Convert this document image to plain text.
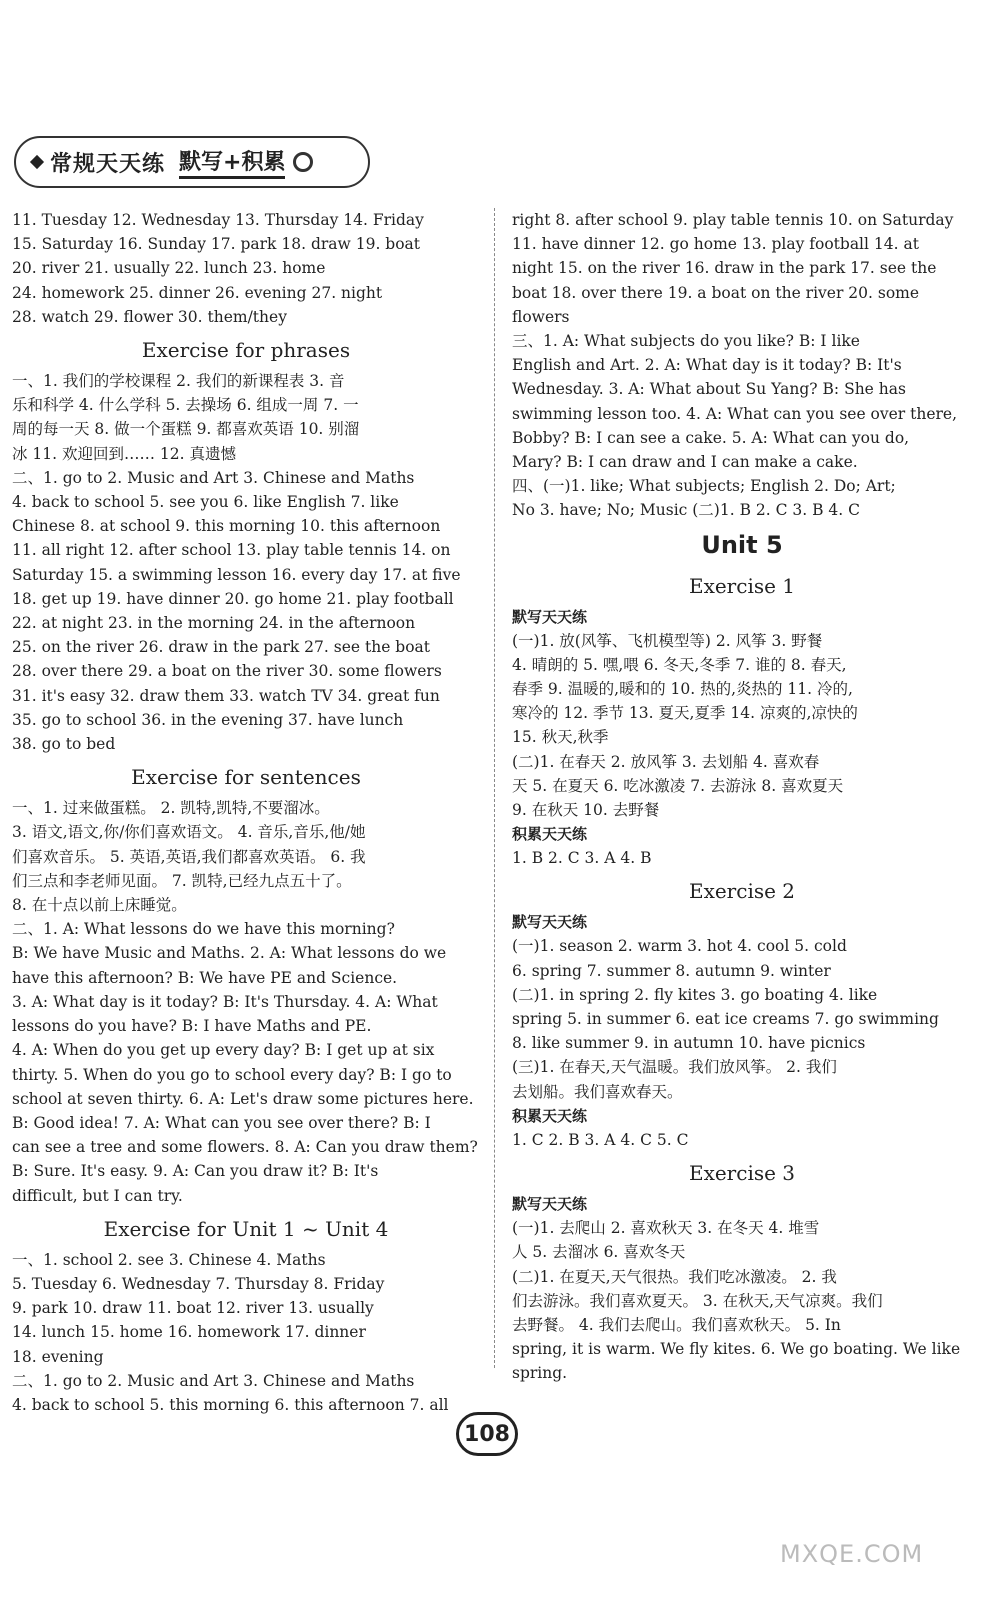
常规天天练 默写+积累
11. Tuesday 12. Wednesday 13. Thursday 14. Friday
15. Saturday 16. Sunday 17. park 18. draw 19. boat
20. river 21. usually 22. lunch 23. home
24. homework 25. dinner 26. evening 27. night
28. watch 29. flower 30. them/they
Exercise for phrases
一、1. 我们的学校课程 2. 我们的新课程表 3. 音
乐和科学 4. 什么学科 5. 去操场 6. 组成一周 7. 一
周的每一天 8. 做一个蛋糕 9. 都喜欢英语 10. 别溜
冰 11. 欢迎回到…… 12. 真遗憾
二、1. go to 2. Music and Art 3. Chinese and Maths
4. back to school 5. see you 6. like English 7. like
Chinese 8. at school 9. this morning 10. this afternoon
11. all right 12. after school 13. play table tennis 14. on
Saturday 15. a swimming lesson 16. every day 17. at five
18. get up 19. have dinner 20. go home 21. play football
22. at night 23. in the morning 24. in the afternoon
25. on the river 26. draw in the park 27. see the boat
28. over there 29. a boat on the river 30. some flowers
31. it's easy 32. draw them 33. watch TV 34. great fun
35. go to school 36. in the evening 37. have lunch
38. go to bed
Exercise for sentences
一、1. 过来做蛋糕。 2. 凯特,凯特,不要溜冰。
3. 语文,语文,你/你们喜欢语文。 4. 音乐,音乐,他/她
们喜欢音乐。 5. 英语,英语,我们都喜欢英语。 6. 我
们三点和李老师见面。 7. 凯特,已经九点五十了。
8. 在十点以前上床睡觉。
二、1. A: What lessons do we have this morning?
B: We have Music and Maths. 2. A: What lessons do we
have this afternoon? B: We have PE and Science.
3. A: What day is it today? B: It's Thursday. 4. A: What
lessons do you have? B: I have Maths and PE.
4. A: When do you get up every day? B: I get up at six
thirty. 5. When do you go to school every day? B: I go to
school at seven thirty. 6. A: Let's draw some pictures here.
B: Good idea! 7. A: What can you see over there? B: I
can see a tree and some flowers. 8. A: Can you draw them?
B: Sure. It's easy. 9. A: Can you draw it? B: It's
difficult, but I can try.
Exercise for Unit 1 ~ Unit 4
一、1. school 2. see 3. Chinese 4. Maths
5. Tuesday 6. Wednesday 7. Thursday 8. Friday
9. park 10. draw 11. boat 12. river 13. usually
14. lunch 15. home 16. homework 17. dinner
18. evening
二、1. go to 2. Music and Art 3. Chinese and Maths
4. back to school 5. this morning 6. this afternoon 7. all
right 8. after school 9. play table tennis 10. on Saturday
11. have dinner 12. go home 13. play football 14. at
night 15. on the river 16. draw in the park 17. see the
boat 18. over there 19. a boat on the river 20. some
flowers
三、1. A: What subjects do you like? B: I like
English and Art. 2. A: What day is it today? B: It's
Wednesday. 3. A: What about Su Yang? B: She has
swimming lesson too. 4. A: What can you see over there,
Bobby? B: I can see a cake. 5. A: What can you do,
Mary? B: I can draw and I can make a cake.
四、(一)1. like; What subjects; English 2. Do; Art;
No 3. have; No; Music (二)1. B 2. C 3. B 4. C
Unit 5
Exercise 1
默写天天练
(一)1. 放(风筝、飞机模型等) 2. 风筝 3. 野餐
4. 晴朗的 5. 嘿,喂 6. 冬天,冬季 7. 谁的 8. 春天,
春季 9. 温暖的,暖和的 10. 热的,炎热的 11. 冷的,
寒冷的 12. 季节 13. 夏天,夏季 14. 凉爽的,凉快的
15. 秋天,秋季
(二)1. 在春天 2. 放风筝 3. 去划船 4. 喜欢春
天 5. 在夏天 6. 吃冰激凌 7. 去游泳 8. 喜欢夏天
9. 在秋天 10. 去野餐
积累天天练
1. B 2. C 3. A 4. B
Exercise 2
默写天天练
(一)1. season 2. warm 3. hot 4. cool 5. cold
6. spring 7. summer 8. autumn 9. winter
(二)1. in spring 2. fly kites 3. go boating 4. like
spring 5. in summer 6. eat ice creams 7. go swimming
8. like summer 9. in autumn 10. have picnics
(三)1. 在春天,天气温暖。我们放风筝。 2. 我们
去划船。我们喜欢春天。
积累天天练
1. C 2. B 3. A 4. C 5. C
Exercise 3
默写天天练
(一)1. 去爬山 2. 喜欢秋天 3. 在冬天 4. 堆雪
人 5. 去溜冰 6. 喜欢冬天
(二)1. 在夏天,天气很热。我们吃冰激凌。 2. 我
们去游泳。我们喜欢夏天。 3. 在秋天,天气凉爽。我们
去野餐。 4. 我们去爬山。我们喜欢秋天。 5. In
spring, it is warm. We fly kites. 6. We go boating. We like
spring.
108
MXQE.COM
